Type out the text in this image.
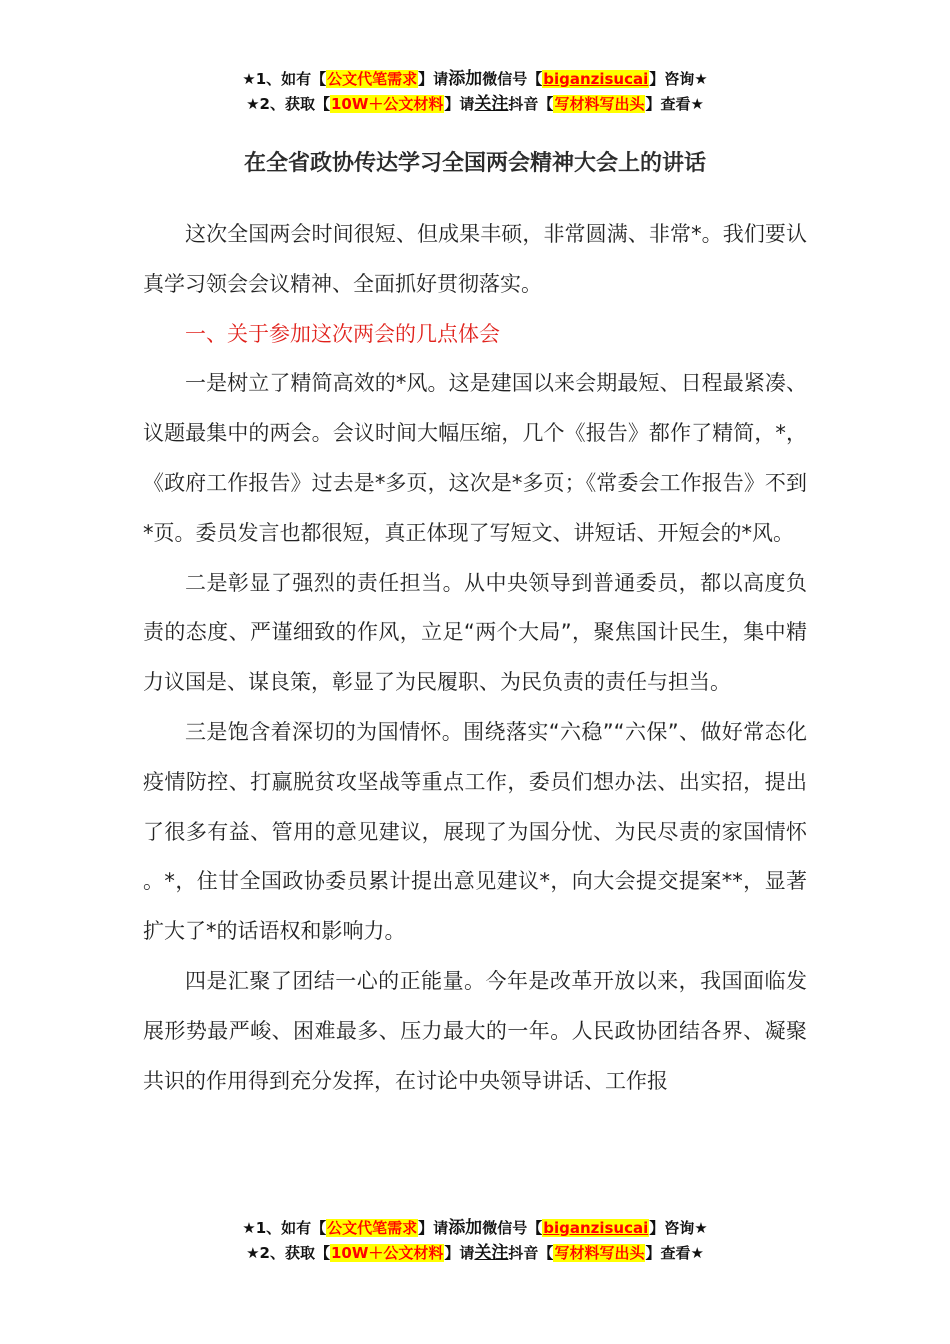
★1、如有【公文代笔需求】请添加微信号【biganzisucai】咨询★
★2、获取【10W＋公文材料】请关注抖音【写材料写出头】查看★
在全省政协传达学习全国两会精神大会上的讲话

这次全国两会时间很短、但成果丰硕，非常圆满、非常*。我们要认真学习领会会议精神、全面抓好贯彻落实。

一、关于参加这次两会的几点体会

一是树立了精简高效的*风。这是建国以来会期最短、日程最紧凑、议题最集中的两会。会议时间大幅压缩，几个《报告》都作了精简，*，《政府工作报告》过去是*多页，这次是*多页；《常委会工作报告》不到*页。委员发言也都很短，真正体现了写短文、讲短话、开短会的*风。

二是彰显了强烈的责任担当。从中央领导到普通委员，都以高度负责的态度、严谨细致的作风，立足“两个大局”，聚焦国计民生，集中精力议国是、谋良策，彰显了为民履职、为民负责的责任与担当。

三是饱含着深切的为国情怀。围绕落实“六稳”“六保”、做好常态化疫情防控、打赢脱贫攻坚战等重点工作，委员们想办法、出实招，提出了很多有益、管用的意见建议，展现了为国分忧、为民尽责的家国情怀。*，住甘全国政协委员累计提出意见建议*，向大会提交提案**，显著扩大了*的话语权和影响力。

四是汇聚了团结一心的正能量。今年是改革开放以来，我国面临发展形势最严峻、困难最多、压力最大的一年。人民政协团结各界、凝聚共识的作用得到充分发挥，在讨论中央领导讲话、工作报

★1、如有【公文代笔需求】请添加微信号【biganzisucai】咨询★
★2、获取【10W＋公文材料】请关注抖音【写材料写出头】查看★
